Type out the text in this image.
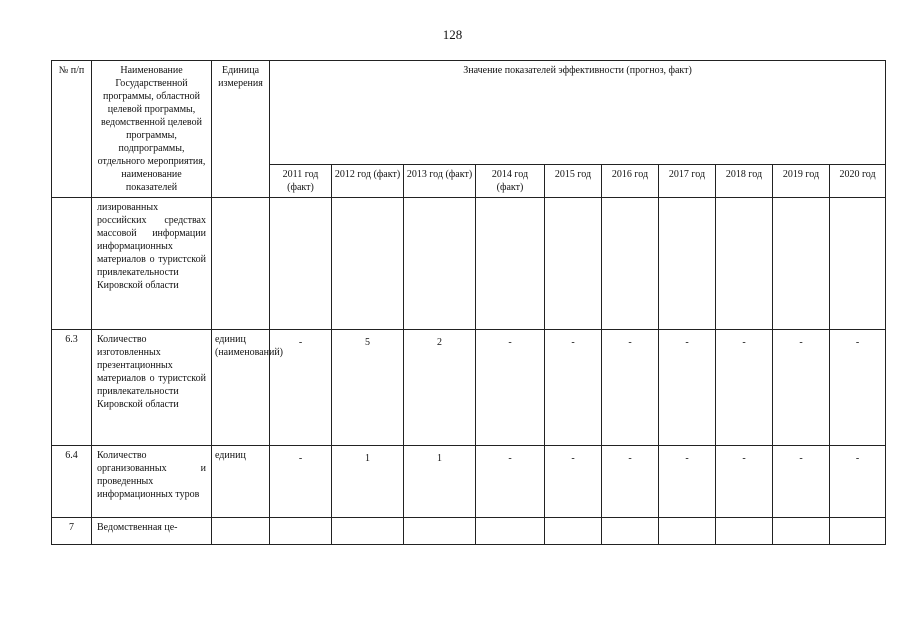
128
№ п/п	Наименование Государственной программы, областной целевой программы, ведомственной целевой программы, подпрограммы, отдельного мероприятия, наименование показателей	Единица измерения	Значение показателей эффективности (прогноз, факт)									
			2011 год (факт)	2012 год (факт)	2013 год (факт)	2014 год (факт)	2015 год	2016 год	2017 год	2018 год	2019 год	2020 год
	лизированных российских средствах массовой информации информационных материалов о туристской привлекательности Кировской области											
6.3	Количество изготовленных презентационных материалов о туристской привлекательности Кировской области	единиц (наименований)	-	5	2	-	-	-	-	-	-	-
6.4	Количество организованных и проведенных информационных туров	единиц	-	1	1	-	-	-	-	-	-	-
7	Ведомственная це-											
